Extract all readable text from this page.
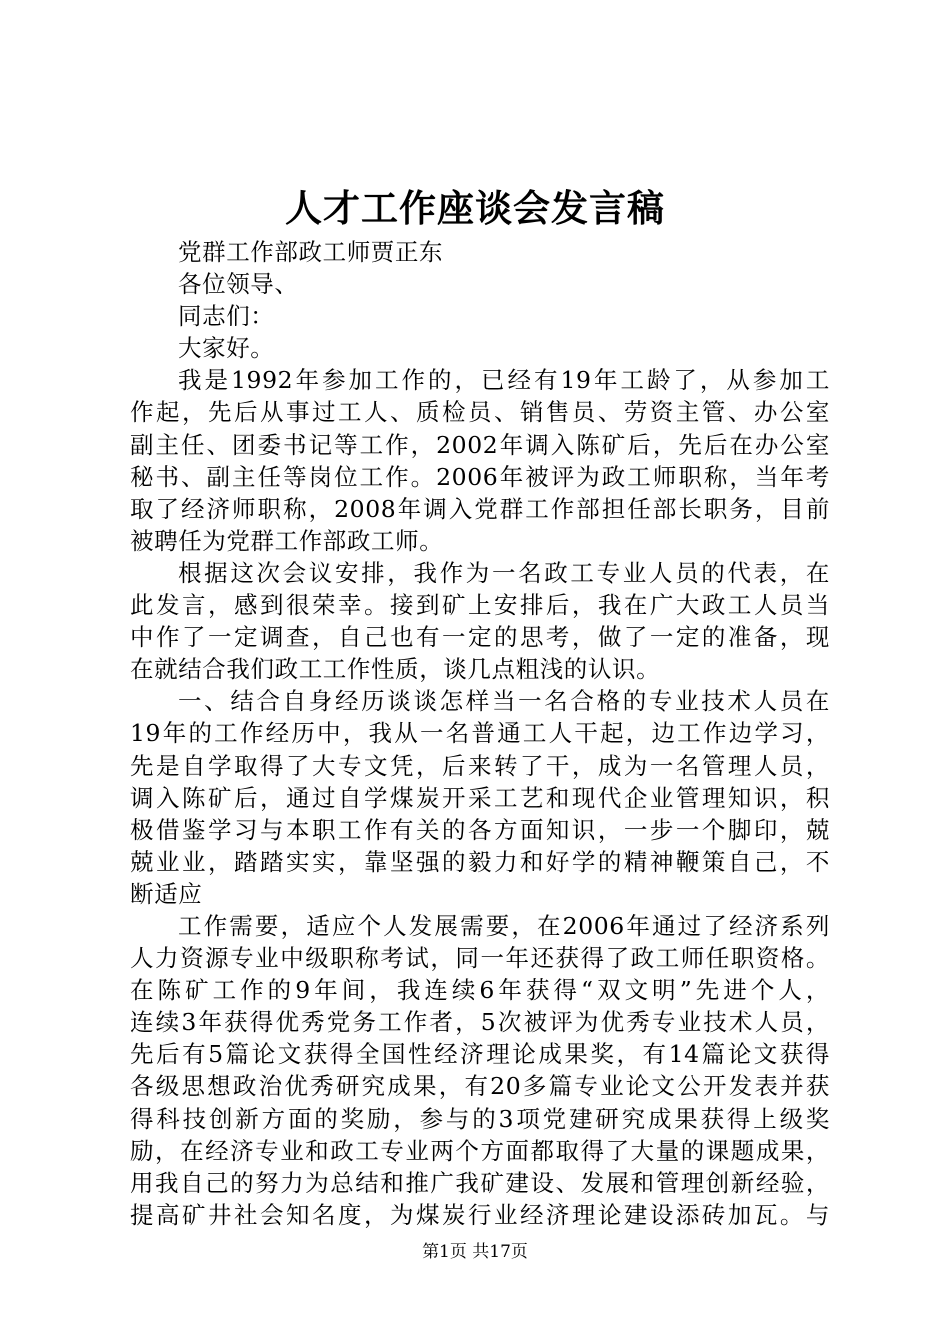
人才工作座谈会发言稿
党群工作部政工师贾正东
各位领导、
同志们：
大家好。
我是1992年参加工作的，已经有19年工龄了，从参加工
作起，先后从事过工人、质检员、销售员、劳资主管、办公室
副主任、团委书记等工作，2002年调入陈矿后，先后在办公室
秘书、副主任等岗位工作。2006年被评为政工师职称，当年考
取了经济师职称，2008年调入党群工作部担任部长职务，目前
被聘任为党群工作部政工师。
根据这次会议安排，我作为一名政工专业人员的代表，在
此发言，感到很荣幸。接到矿上安排后，我在广大政工人员当
中作了一定调查，自己也有一定的思考，做了一定的准备，现
在就结合我们政工工作性质，谈几点粗浅的认识。
一、结合自身经历谈谈怎样当一名合格的专业技术人员在
19年的工作经历中，我从一名普通工人干起，边工作边学习，
先是自学取得了大专文凭，后来转了干，成为一名管理人员，
调入陈矿后，通过自学煤炭开采工艺和现代企业管理知识，积
极借鉴学习与本职工作有关的各方面知识，一步一个脚印，兢
兢业业，踏踏实实，靠坚强的毅力和好学的精神鞭策自己，不
断适应
工作需要，适应个人发展需要，在2006年通过了经济系列
人力资源专业中级职称考试，同一年还获得了政工师任职资格。
在陈矿工作的9年间，我连续6年获得“双文明”先进个人，
连续3年获得优秀党务工作者，5次被评为优秀专业技术人员，
先后有5篇论文获得全国性经济理论成果奖，有14篇论文获得
各级思想政治优秀研究成果，有20多篇专业论文公开发表并获
得科技创新方面的奖励，参与的3项党建研究成果获得上级奖
励，在经济专业和政工专业两个方面都取得了大量的课题成果，
用我自己的努力为总结和推广我矿建设、发展和管理创新经验，
提高矿井社会知名度，为煤炭行业经济理论建设添砖加瓦。与
第1页 共17页
